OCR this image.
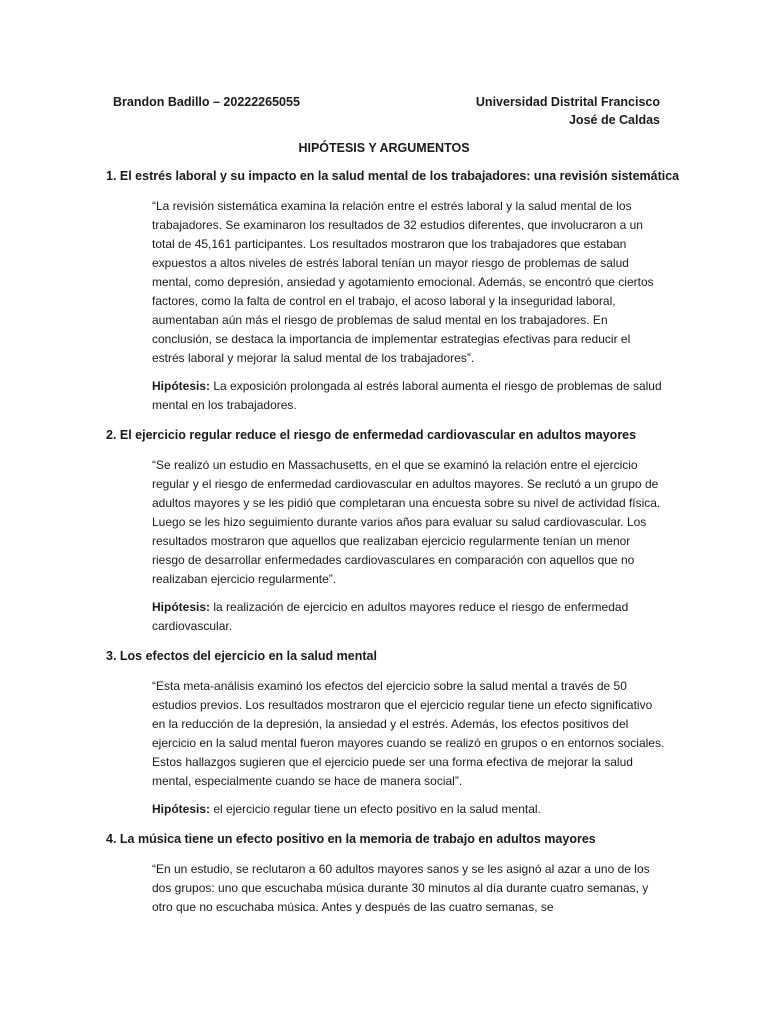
Brandon Badillo – 20222265055	Universidad Distrital Francisco
José de Caldas
HIPÓTESIS Y ARGUMENTOS
1. El estrés laboral y su impacto en la salud mental de los trabajadores: una revisión sistemática

“La revisión sistemática examina la relación entre el estrés laboral y la salud mental de los trabajadores. Se examinaron los resultados de 32 estudios diferentes, que involucraron a un total de 45,161 participantes. Los resultados mostraron que los trabajadores que estaban expuestos a altos niveles de estrés laboral tenían un mayor riesgo de problemas de salud mental, como depresión, ansiedad y agotamiento emocional. Además, se encontró que ciertos factores, como la falta de control en el trabajo, el acoso laboral y la inseguridad laboral, aumentaban aún más el riesgo de problemas de salud mental en los trabajadores. En conclusión, se destaca la importancia de implementar estrategias efectivas para reducir el estrés laboral y mejorar la salud mental de los trabajadores”.

Hipótesis: La exposición prolongada al estrés laboral aumenta el riesgo de problemas de salud mental en los trabajadores.

2. El ejercicio regular reduce el riesgo de enfermedad cardiovascular en adultos mayores

“Se realizó un estudio en Massachusetts, en el que se examinó la relación entre el ejercicio regular y el riesgo de enfermedad cardiovascular en adultos mayores. Se reclutó a un grupo de adultos mayores y se les pidió que completaran una encuesta sobre su nivel de actividad física. Luego se les hizo seguimiento durante varios años para evaluar su salud cardiovascular. Los resultados mostraron que aquellos que realizaban ejercicio regularmente tenían un menor riesgo de desarrollar enfermedades cardiovasculares en comparación con aquellos que no realizaban ejercicio regularmente”.

Hipótesis: la realización de ejercicio en adultos mayores reduce el riesgo de enfermedad cardiovascular.

3. Los efectos del ejercicio en la salud mental

“Esta meta-análisis examinó los efectos del ejercicio sobre la salud mental a través de 50 estudios previos. Los resultados mostraron que el ejercicio regular tiene un efecto significativo en la reducción de la depresión, la ansiedad y el estrés. Además, los efectos positivos del ejercicio en la salud mental fueron mayores cuando se realizó en grupos o en entornos sociales. Estos hallazgos sugieren que el ejercicio puede ser una forma efectiva de mejorar la salud mental, especialmente cuando se hace de manera social”.

Hipótesis: el ejercicio regular tiene un efecto positivo en la salud mental.

4. La música tiene un efecto positivo en la memoria de trabajo en adultos mayores

“En un estudio, se reclutaron a 60 adultos mayores sanos y se les asignó al azar a uno de los dos grupos: uno que escuchaba música durante 30 minutos al día durante cuatro semanas, y otro que no escuchaba música. Antes y después de las cuatro semanas, se
